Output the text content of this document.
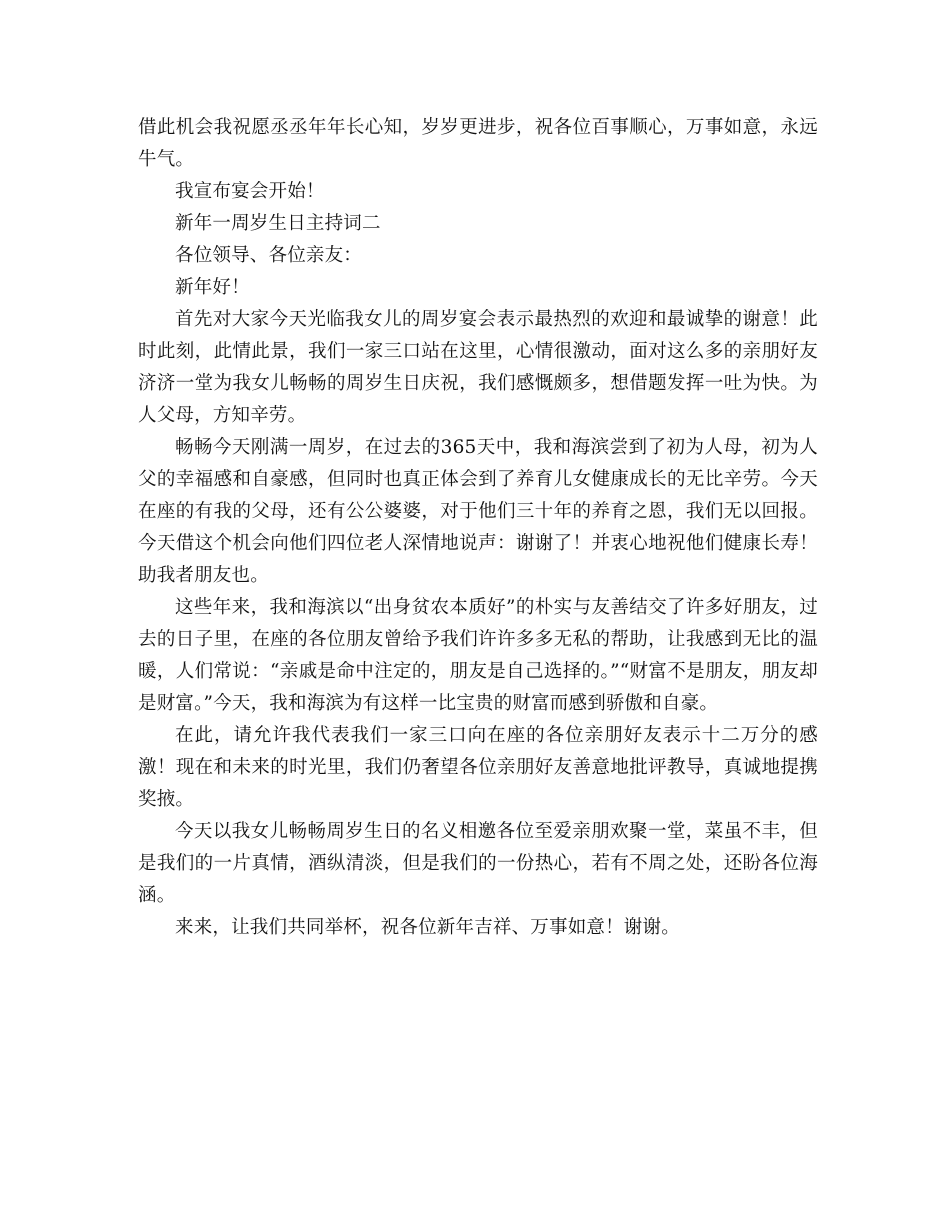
借此机会我祝愿丞丞年年长心知，岁岁更进步，祝各位百事顺心，万事如意，永远牛气。

我宣布宴会开始！

新年一周岁生日主持词二

各位领导、各位亲友：

新年好！

首先对大家今天光临我女儿的周岁宴会表示最热烈的欢迎和最诚挚的谢意！此时此刻，此情此景，我们一家三口站在这里，心情很激动，面对这么多的亲朋好友济济一堂为我女儿畅畅的周岁生日庆祝，我们感慨颇多，想借题发挥一吐为快。为人父母，方知辛劳。

畅畅今天刚满一周岁，在过去的365天中，我和海滨尝到了初为人母，初为人父的幸福感和自豪感，但同时也真正体会到了养育儿女健康成长的无比辛劳。今天在座的有我的父母，还有公公婆婆，对于他们三十年的养育之恩，我们无以回报。今天借这个机会向他们四位老人深情地说声：谢谢了！并衷心地祝他们健康长寿！助我者朋友也。

这些年来，我和海滨以“出身贫农本质好”的朴实与友善结交了许多好朋友，过去的日子里，在座的各位朋友曾给予我们许许多多无私的帮助，让我感到无比的温暖，人们常说：“亲戚是命中注定的，朋友是自己选择的。”“财富不是朋友，朋友却是财富。”今天，我和海滨为有这样一比宝贵的财富而感到骄傲和自豪。

在此，请允许我代表我们一家三口向在座的各位亲朋好友表示十二万分的感激！现在和未来的时光里，我们仍奢望各位亲朋好友善意地批评教导，真诚地提携奖掖。

今天以我女儿畅畅周岁生日的名义相邀各位至爱亲朋欢聚一堂，菜虽不丰，但是我们的一片真情，酒纵清淡，但是我们的一份热心，若有不周之处，还盼各位海涵。

来来，让我们共同举杯，祝各位新年吉祥、万事如意！谢谢。
